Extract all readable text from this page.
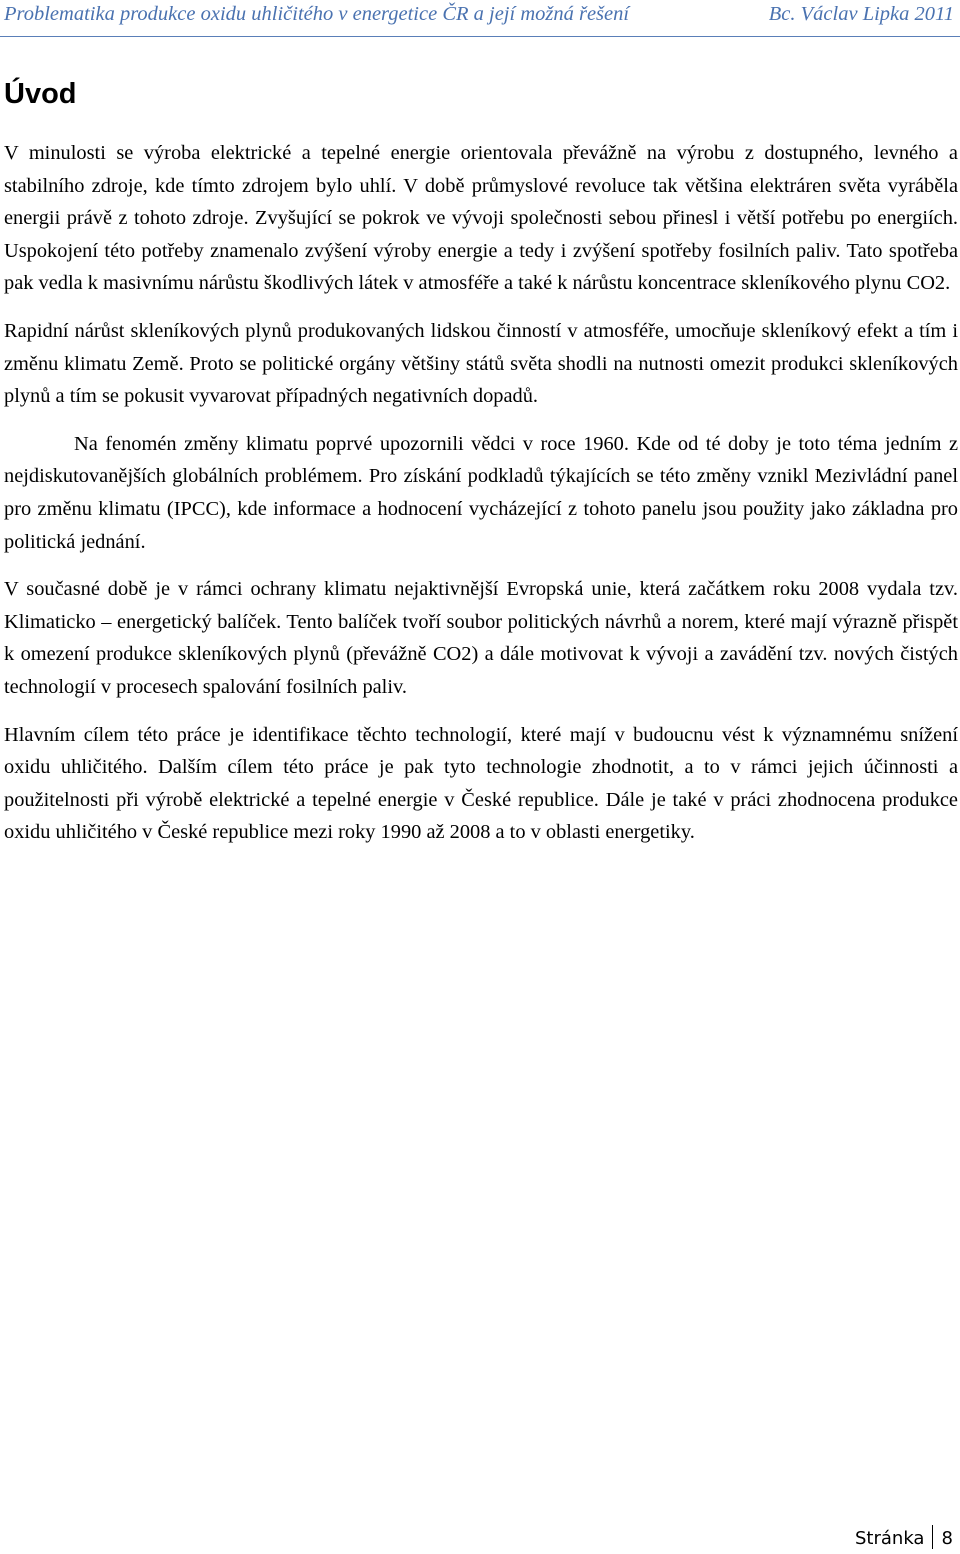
Problematika produkce oxidu uhličitého v energetice ČR a její možná řešení	Bc. Václav Lipka 2011
Úvod

V minulosti se výroba elektrické a tepelné energie orientovala převážně na výrobu z dostupného, levného a stabilního zdroje, kde tímto zdrojem bylo uhlí. V době průmyslové revoluce tak většina elektráren světa vyráběla energii právě z tohoto zdroje. Zvyšující se pokrok ve vývoji společnosti sebou přinesl i větší potřebu po energiích. Uspokojení této potřeby znamenalo zvýšení výroby energie a tedy i zvýšení spotřeby fosilních paliv. Tato spotřeba pak vedla k masivnímu nárůstu škodlivých látek v atmosféře a také k nárůstu koncentrace skleníkového plynu CO2.

Rapidní nárůst skleníkových plynů produkovaných lidskou činností v atmosféře, umocňuje skleníkový efekt a tím i změnu klimatu Země. Proto se politické orgány většiny států světa shodli na nutnosti omezit produkci skleníkových plynů a tím se pokusit vyvarovat případných negativních dopadů.

Na fenomén změny klimatu poprvé upozornili vědci v roce 1960. Kde od té doby je toto téma jedním z nejdiskutovanějších globálních problémem. Pro získání podkladů týkajících se této změny vznikl Mezivládní panel pro změnu klimatu (IPCC), kde informace a hodnocení vycházející z tohoto panelu jsou použity jako základna pro politická jednání.

V současné době je v rámci ochrany klimatu nejaktivnější Evropská unie, která začátkem roku 2008 vydala tzv. Klimaticko – energetický balíček. Tento balíček tvoří soubor politických návrhů a norem, které mají výrazně přispět k omezení produkce skleníkových plynů (převážně CO2) a dále motivovat k vývoji a zavádění tzv. nových čistých technologií v procesech spalování fosilních paliv.

Hlavním cílem této práce je identifikace těchto technologií, které mají v budoucnu vést k významnému snížení oxidu uhličitého. Dalším cílem této práce je pak tyto technologie zhodnotit, a to v rámci jejich účinnosti a použitelnosti při výrobě elektrické a tepelné energie v České republice. Dále je také v práci zhodnocena produkce oxidu uhličitého v České republice mezi roky 1990 až 2008 a to v oblasti energetiky.

Stránka 8
